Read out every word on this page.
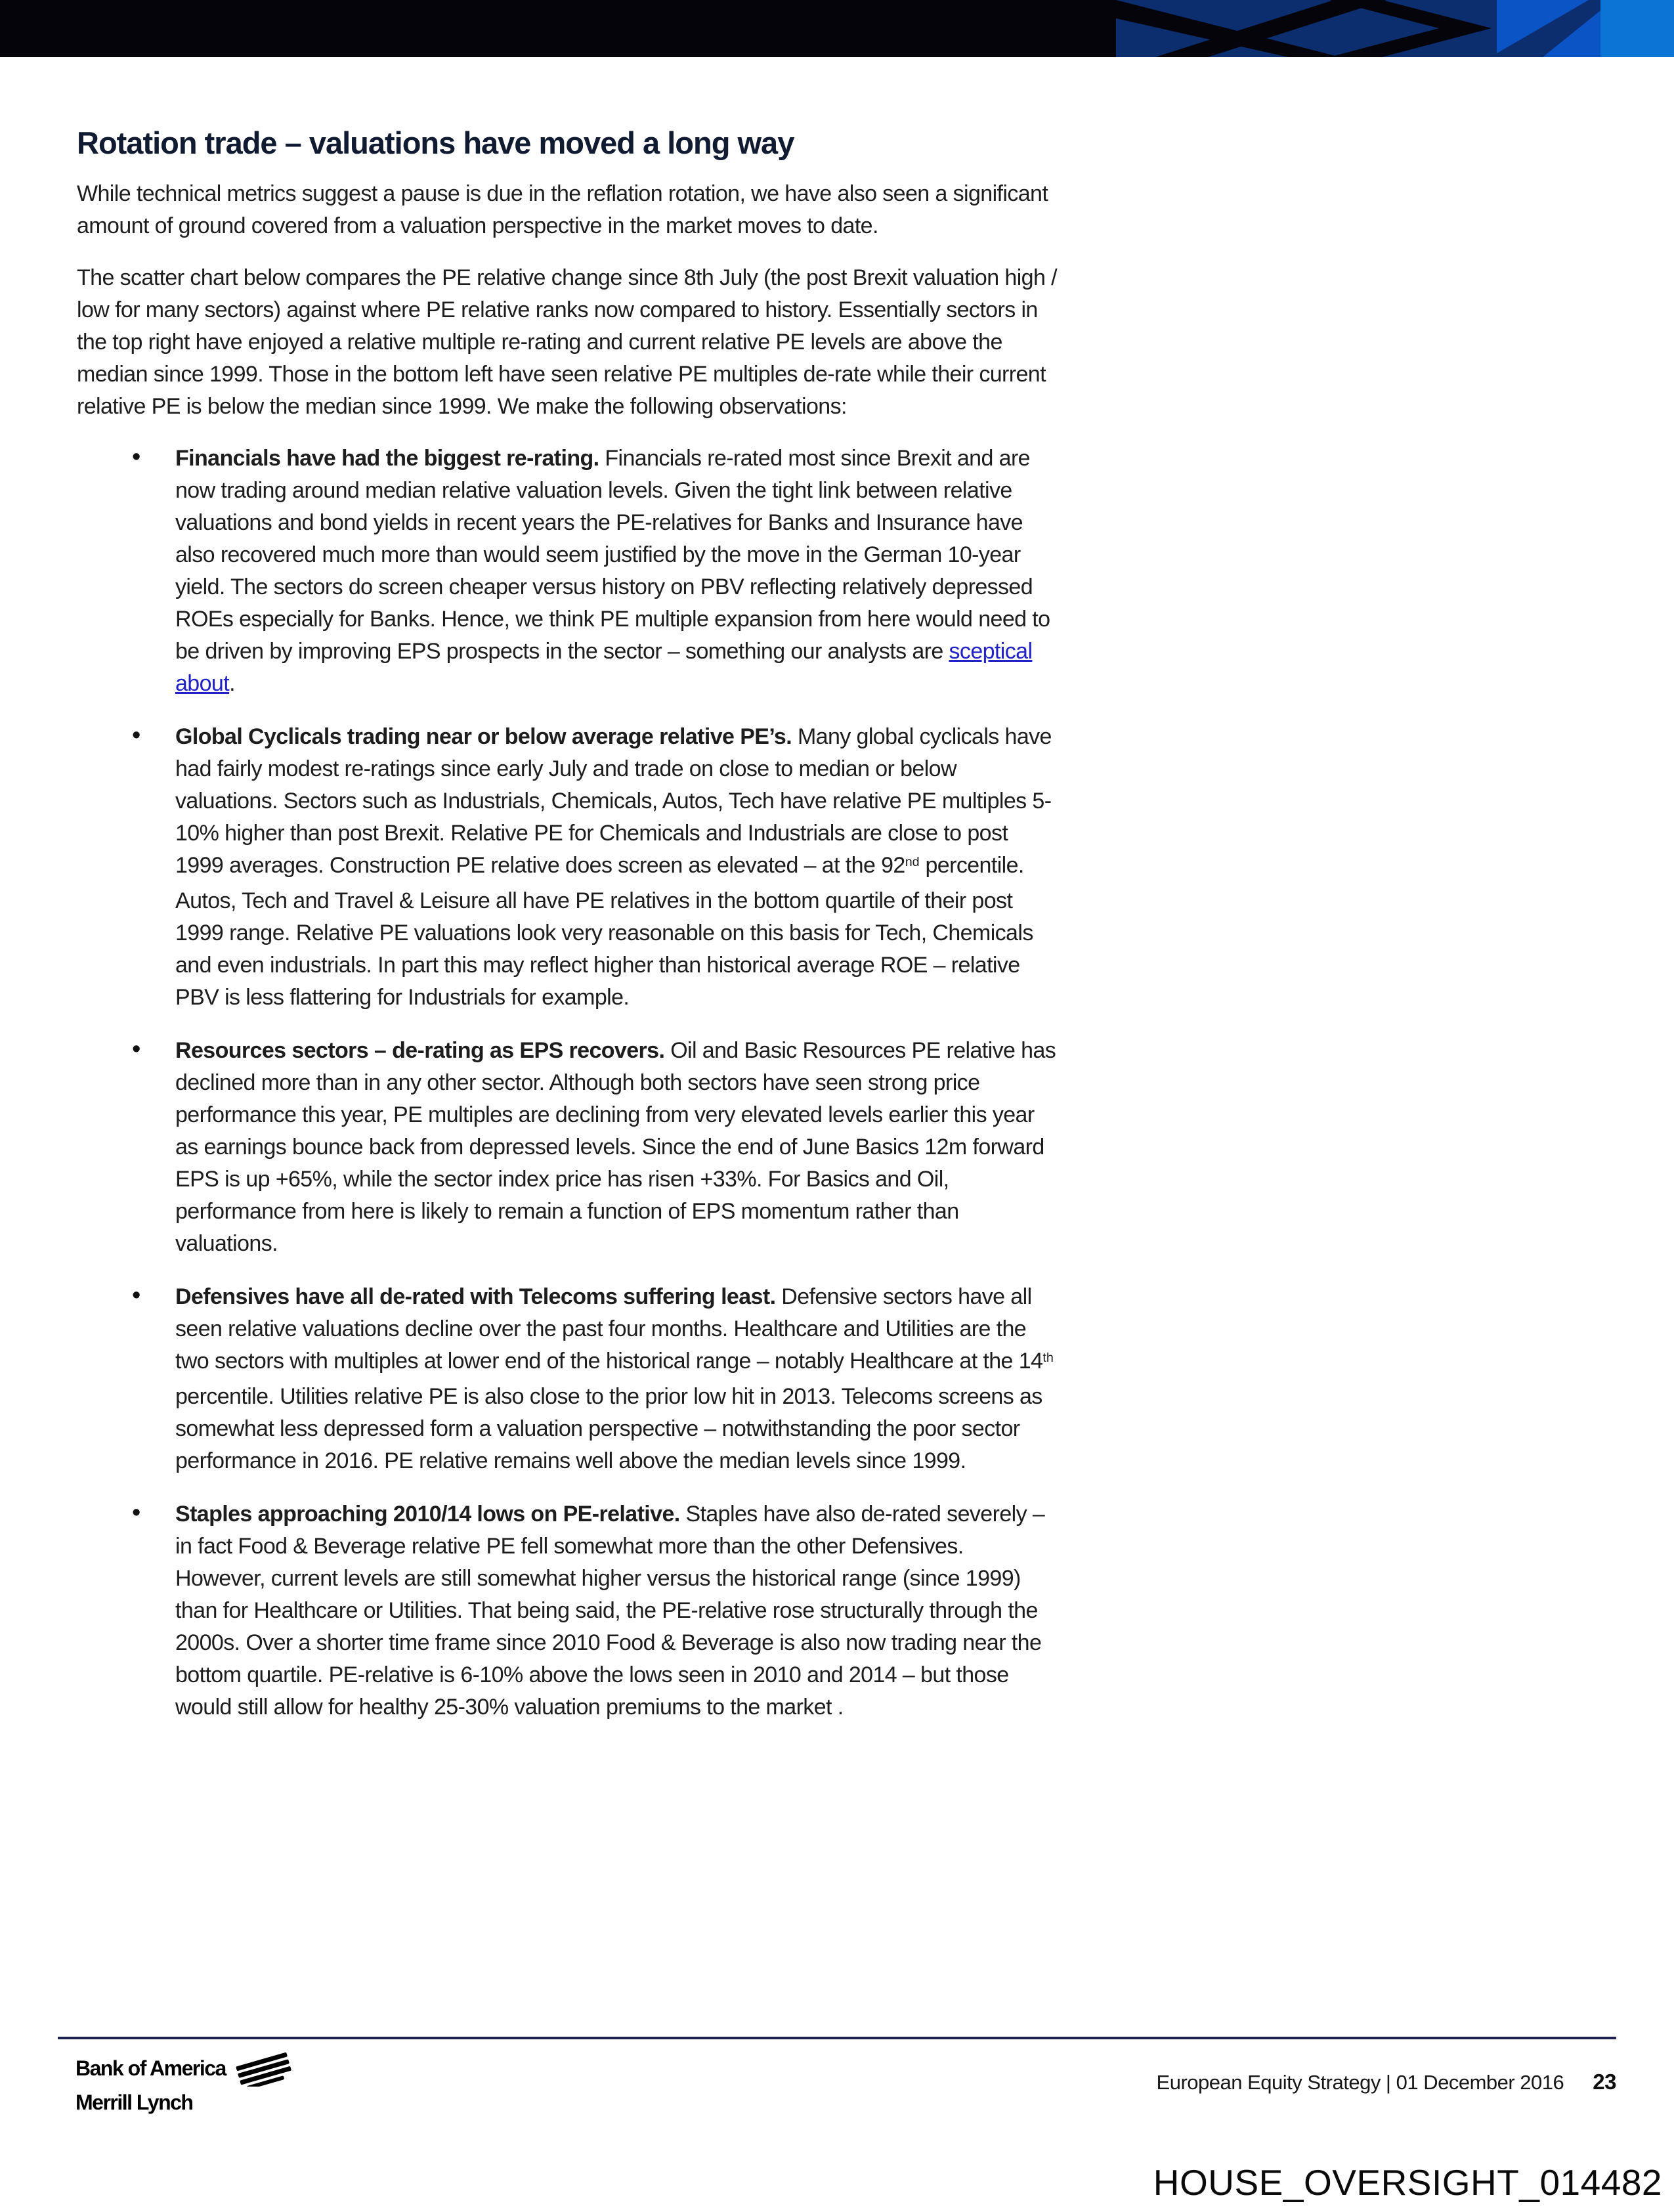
Rotation trade – valuations have moved a long way

While technical metrics suggest a pause is due in the reflation rotation, we have also seen a significant amount of ground covered from a valuation perspective in the market moves to date.

The scatter chart below compares the PE relative change since 8th July (the post Brexit valuation high / low for many sectors) against where PE relative ranks now compared to history. Essentially sectors in the top right have enjoyed a relative multiple re-rating and current relative PE levels are above the median since 1999. Those in the bottom left have seen relative PE multiples de-rate while their current relative PE is below the median since 1999. We make the following observations:

• Financials have had the biggest re-rating. Financials re-rated most since Brexit and are now trading around median relative valuation levels. Given the tight link between relative valuations and bond yields in recent years the PE-relatives for Banks and Insurance have also recovered much more than would seem justified by the move in the German 10-year yield. The sectors do screen cheaper versus history on PBV reflecting relatively depressed ROEs especially for Banks. Hence, we think PE multiple expansion from here would need to be driven by improving EPS prospects in the sector – something our analysts are sceptical about.
• Global Cyclicals trading near or below average relative PE’s. Many global cyclicals have had fairly modest re-ratings since early July and trade on close to median or below valuations. Sectors such as Industrials, Chemicals, Autos, Tech have relative PE multiples 5-10% higher than post Brexit. Relative PE for Chemicals and Industrials are close to post 1999 averages. Construction PE relative does screen as elevated – at the 92nd percentile. Autos, Tech and Travel & Leisure all have PE relatives in the bottom quartile of their post 1999 range. Relative PE valuations look very reasonable on this basis for Tech, Chemicals and even industrials. In part this may reflect higher than historical average ROE – relative PBV is less flattering for Industrials for example.
• Resources sectors – de-rating as EPS recovers. Oil and Basic Resources PE relative has declined more than in any other sector. Although both sectors have seen strong price performance this year, PE multiples are declining from very elevated levels earlier this year as earnings bounce back from depressed levels. Since the end of June Basics 12m forward EPS is up +65%, while the sector index price has risen +33%. For Basics and Oil, performance from here is likely to remain a function of EPS momentum rather than valuations.
• Defensives have all de-rated with Telecoms suffering least. Defensive sectors have all seen relative valuations decline over the past four months. Healthcare and Utilities are the two sectors with multiples at lower end of the historical range – notably Healthcare at the 14th percentile. Utilities relative PE is also close to the prior low hit in 2013. Telecoms screens as somewhat less depressed form a valuation perspective – notwithstanding the poor sector performance in 2016. PE relative remains well above the median levels since 1999.
• Staples approaching 2010/14 lows on PE-relative. Staples have also de-rated severely – in fact Food & Beverage relative PE fell somewhat more than the other Defensives. However, current levels are still somewhat higher versus the historical range (since 1999) than for Healthcare or Utilities. That being said, the PE-relative rose structurally through the 2000s. Over a shorter time frame since 2010 Food & Beverage is also now trading near the bottom quartile. PE-relative is 6-10% above the lows seen in 2010 and 2014 – but those would still allow for healthy 25-30% valuation premiums to the market .
Bank of America
Merrill Lynch
European Equity Strategy | 01 December 2016 23
HOUSE_OVERSIGHT_014482
